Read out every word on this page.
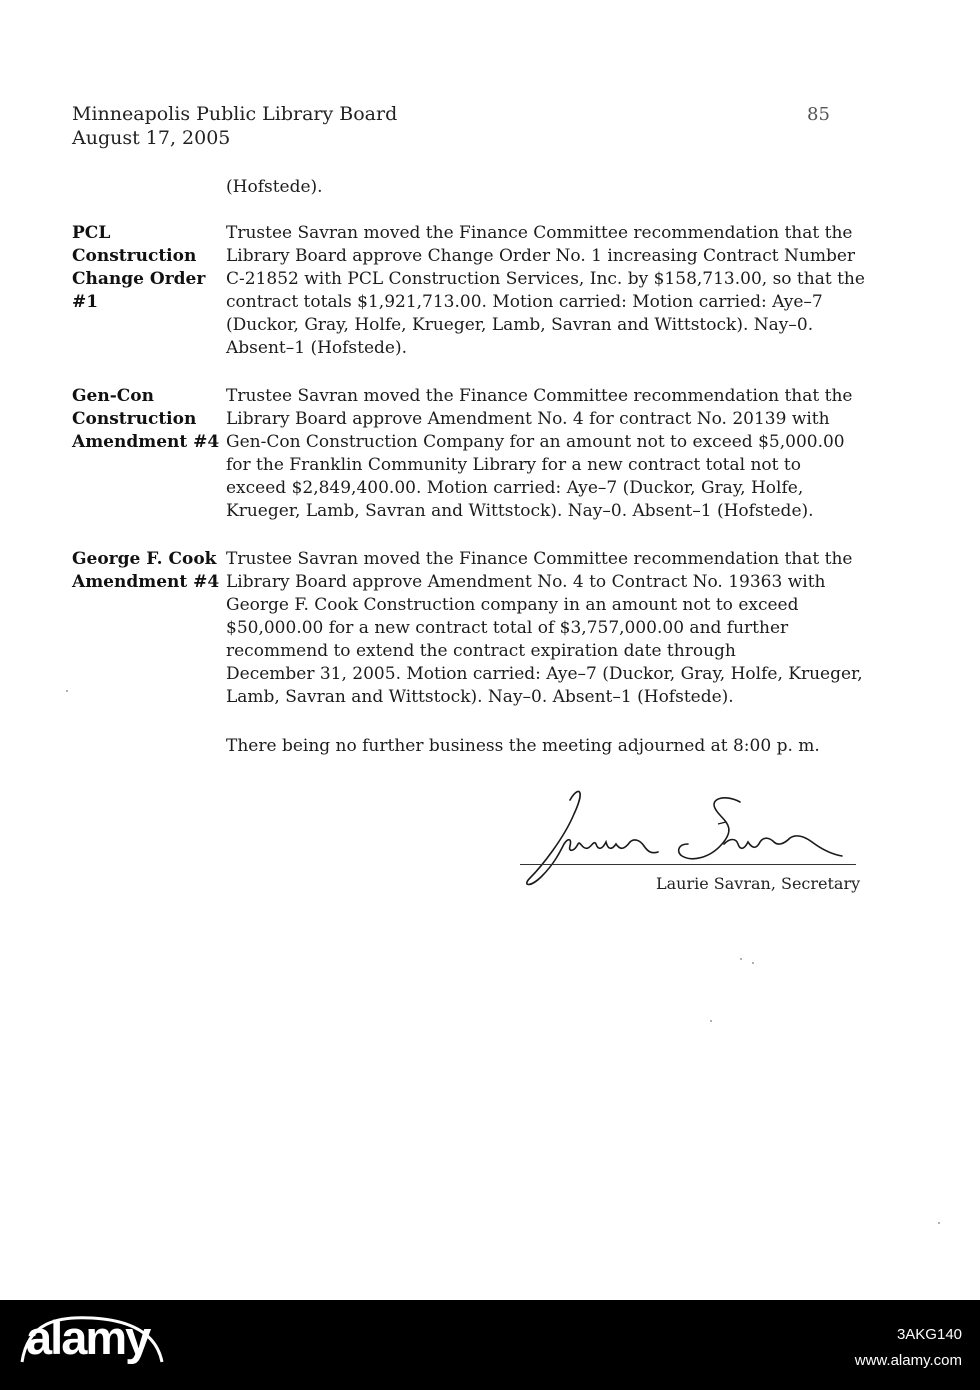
Minneapolis Public Library Board
August 17, 2005
85
(Hofstede).
PCL
Construction
Change Order
#1
Trustee Savran moved the Finance Committee recommendation that the
Library Board approve Change Order No. 1 increasing Contract Number
C-21852 with PCL Construction Services, Inc. by $158,713.00, so that the
contract totals $1,921,713.00. Motion carried: Motion carried: Aye–7
(Duckor, Gray, Holfe, Krueger, Lamb, Savran and Wittstock). Nay–0.
Absent–1 (Hofstede).
Gen-Con
Construction
Amendment #4
Trustee Savran moved the Finance Committee recommendation that the
Library Board approve Amendment No. 4 for contract No. 20139 with
Gen-Con Construction Company for an amount not to exceed $5,000.00
for the Franklin Community Library for a new contract total not to
exceed $2,849,400.00. Motion carried: Aye–7 (Duckor, Gray, Holfe,
Krueger, Lamb, Savran and Wittstock). Nay–0. Absent–1 (Hofstede).
George F. Cook
Amendment #4
Trustee Savran moved the Finance Committee recommendation that the
Library Board approve Amendment No. 4 to Contract No. 19363 with
George F. Cook Construction company in an amount not to exceed
$50,000.00 for a new contract total of $3,757,000.00 and further
recommend to extend the contract expiration date through
December 31, 2005. Motion carried: Aye–7 (Duckor, Gray, Holfe, Krueger,
Lamb, Savran and Wittstock). Nay–0. Absent–1 (Hofstede).
There being no further business the meeting adjourned at 8:00 p. m.
Laurie Savran, Secretary
alamy	3AKG140
www.alamy.com
